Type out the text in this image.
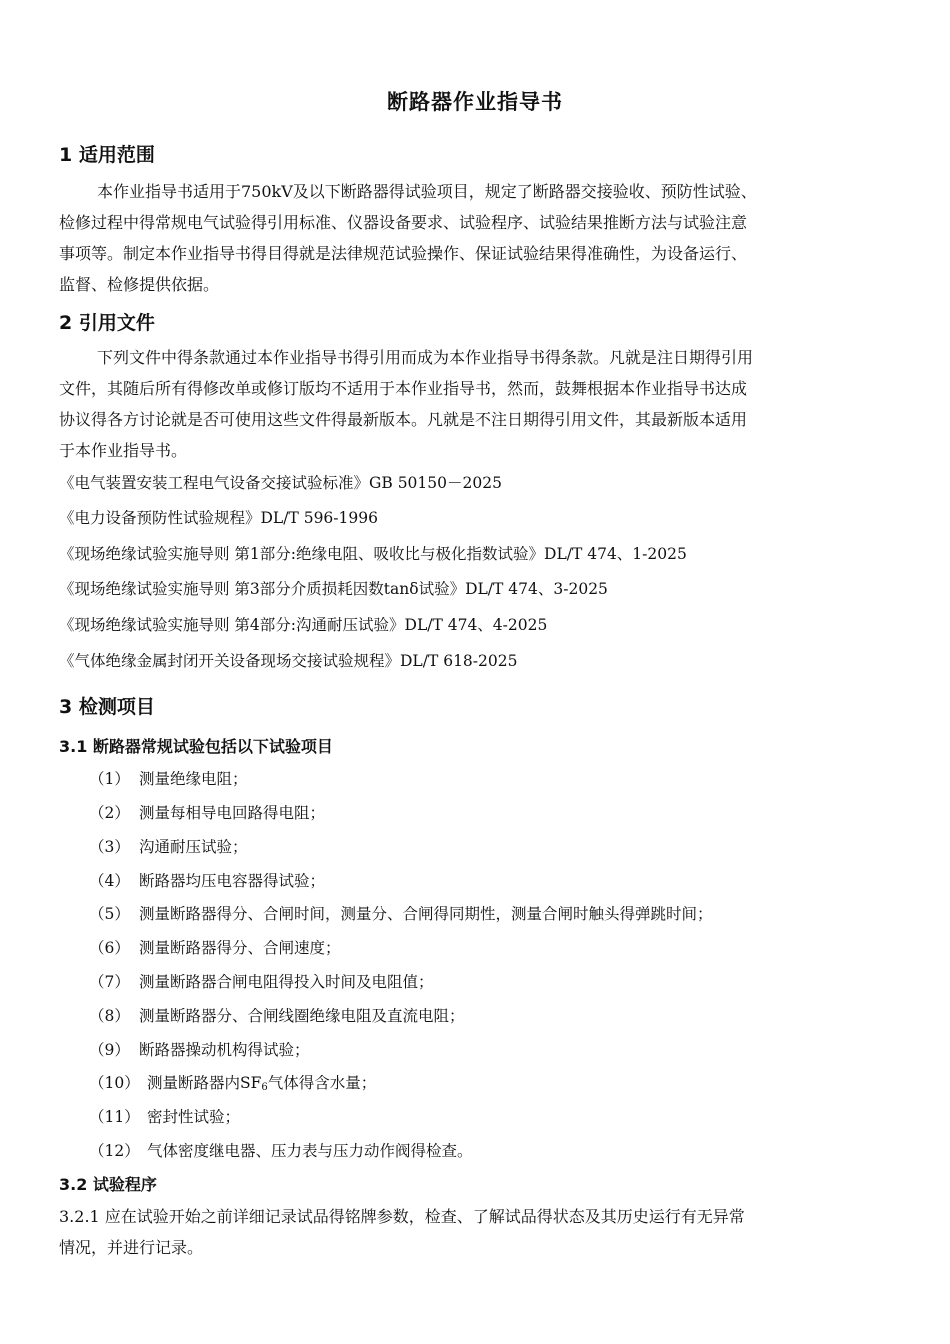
断路器作业指导书
1 适用范围
本作业指导书适用于750kV及以下断路器得试验项目，规定了断路器交接验收、预防性试验、
检修过程中得常规电气试验得引用标准、仪器设备要求、试验程序、试验结果推断方法与试验注意
事项等。制定本作业指导书得目得就是法律规范试验操作、保证试验结果得准确性，为设备运行、
监督、检修提供依据。
2 引用文件
下列文件中得条款通过本作业指导书得引用而成为本作业指导书得条款。凡就是注日期得引用
文件，其随后所有得修改单或修订版均不适用于本作业指导书，然而，鼓舞根据本作业指导书达成
协议得各方讨论就是否可使用这些文件得最新版本。凡就是不注日期得引用文件，其最新版本适用
于本作业指导书。
《电气装置安装工程电气设备交接试验标准》GB 50150－2025
《电力设备预防性试验规程》DL/T 596-1996
《现场绝缘试验实施导则 第1部分:绝缘电阻、吸收比与极化指数试验》DL/T 474、1-2025
《现场绝缘试验实施导则 第3部分介质损耗因数tanδ试验》DL/T 474、3-2025
《现场绝缘试验实施导则 第4部分:沟通耐压试验》DL/T 474、4-2025
《气体绝缘金属封闭开关设备现场交接试验规程》DL/T 618-2025
3 检测项目
3.1 断路器常规试验包括以下试验项目
（1） 测量绝缘电阻；
（2） 测量每相导电回路得电阻；
（3） 沟通耐压试验；
（4） 断路器均压电容器得试验；
（5） 测量断路器得分、合闸时间，测量分、合闸得同期性，测量合闸时触头得弹跳时间；
（6） 测量断路器得分、合闸速度；
（7） 测量断路器合闸电阻得投入时间及电阻值；
（8） 测量断路器分、合闸线圈绝缘电阻及直流电阻；
（9） 断路器操动机构得试验；
（10） 测量断路器内$SF_6$气体得含水量；
（11） 密封性试验；
（12） 气体密度继电器、压力表与压力动作阀得检查。
3.2 试验程序
3.2.1 应在试验开始之前详细记录试品得铭牌参数，检查、了解试品得状态及其历史运行有无异常
情况，并进行记录。
